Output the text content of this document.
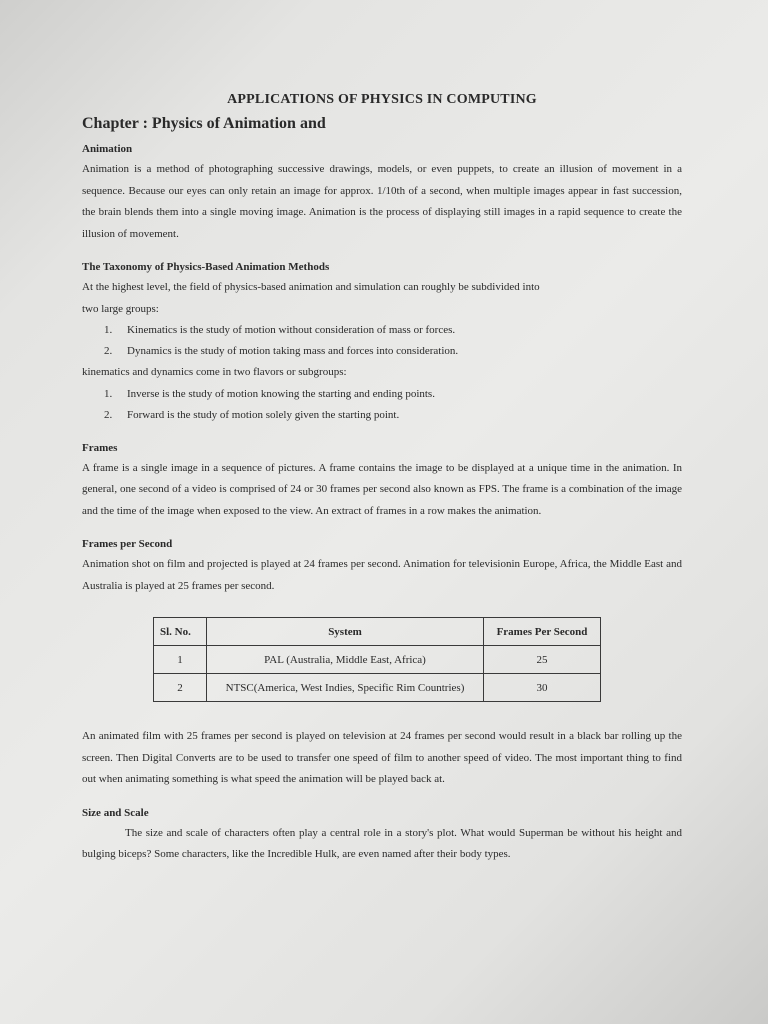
APPLICATIONS OF PHYSICS IN COMPUTING
Chapter : Physics of Animation and
Animation

Animation is a method of photographing successive drawings, models, or even puppets, to create an illusion of movement in a sequence. Because our eyes can only retain an image for approx. 1/10th of a second, when multiple images appear in fast succession, the brain blends them into a single moving image. Animation is the process of displaying still images in a rapid sequence to create the illusion of movement.

The Taxonomy of Physics-Based Animation Methods

At the highest level, the field of physics-based animation and simulation can roughly be subdivided into

two large groups:

1. Kinematics is the study of motion without consideration of mass or forces.
2. Dynamics is the study of motion taking mass and forces into consideration.

kinematics and dynamics come in two flavors or subgroups:

1. Inverse is the study of motion knowing the starting and ending points.
2. Forward is the study of motion solely given the starting point.
Frames

A frame is a single image in a sequence of pictures. A frame contains the image to be displayed at a unique time in the animation. In general, one second of a video is comprised of 24 or 30 frames per second also known as FPS. The frame is a combination of the image and the time of the image when exposed to the view. An extract of frames in a row makes the animation.

Frames per Second

Animation shot on film and projected is played at 24 frames per second. Animation for televisionin Europe, Africa, the Middle East and Australia is played at 25 frames per second.

Sl. No.	System	Frames Per Second
1	PAL (Australia, Middle East, Africa)	25
2	NTSC(America, West Indies, Specific Rim Countries)	30

An animated film with 25 frames per second is played on television at 24 frames per second would result in a black bar rolling up the screen. Then Digital Converts are to be used to transfer one speed of film to another speed of video. The most important thing to find out when animating something is what speed the animation will be played back at.

Size and Scale

The size and scale of characters often play a central role in a story's plot. What would Superman be without his height and bulging biceps? Some characters, like the Incredible Hulk, are even named after their body types.
